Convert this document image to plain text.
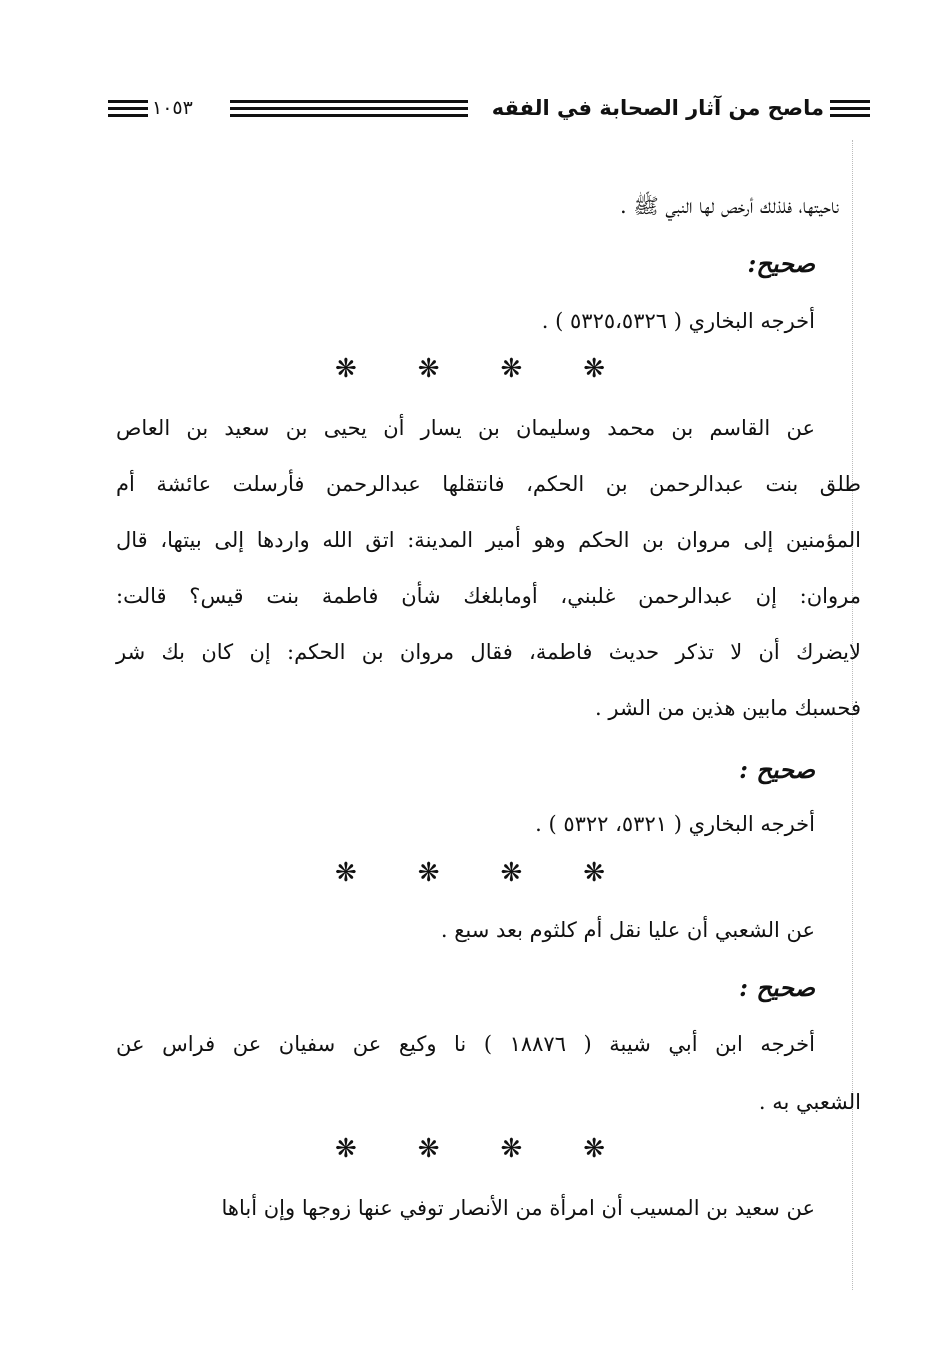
١٠٥٣	ماصح من آثار الصحابة في الفقه
ناحيتها، فلذلك أرخص لها النبي ﷺ .
صحيح:
أخرجه البخاري ( ٥٣٢٥،٥٣٢٦ ) .
❋ ❋ ❋ ❋
عن القاسم بن محمد وسليمان بن يسار أن يحيى بن سعيد بن العاص
طلق بنت عبدالرحمن بن الحكم، فانتقلها عبدالرحمن فأرسلت عائشة أم
المؤمنين إلى مروان بن الحكم وهو أمير المدينة: اتق الله واردها إلى بيتها، قال
مروان: إن عبدالرحمن غلبني، أومابلغك شأن فاطمة بنت قيس؟ قالت:
لايضرك أن لا تذكر حديث فاطمة، فقال مروان بن الحكم: إن كان بك شر
فحسبك مابين هذين من الشر .
صحيح :
أخرجه البخاري ( ٥٣٢١، ٥٣٢٢ ) .
❋ ❋ ❋ ❋
عن الشعبي أن عليا نقل أم كلثوم بعد سبع .
صحيح :
أخرجه ابن أبي شيبة ( ١٨٨٧٦ ) نا وكيع عن سفيان عن فراس عن
الشعبي به .
❋ ❋ ❋ ❋
عن سعيد بن المسيب أن امرأة من الأنصار توفي عنها زوجها وإن أباها
